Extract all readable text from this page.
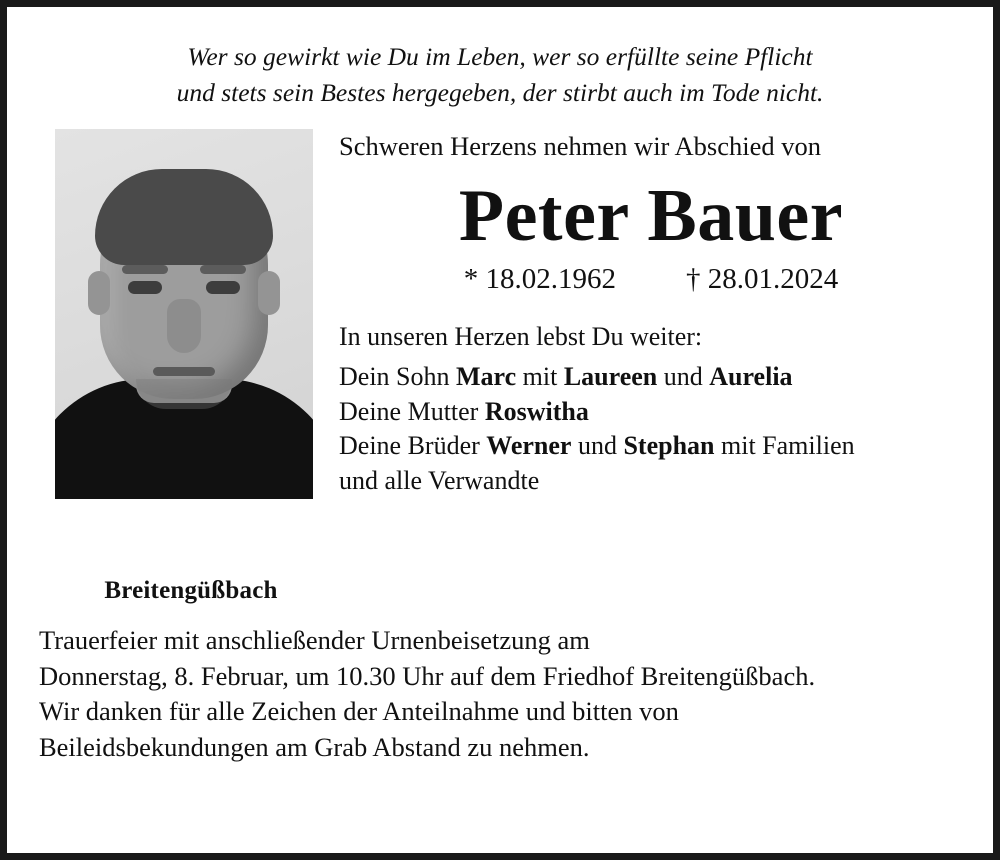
Wer so gewirkt wie Du im Leben, wer so erfüllte seine Pflicht
und stets sein Bestes hergegeben, der stirbt auch im Tode nicht.
Breitengüßbach

Schweren Herzens nehmen wir Abschied von

Peter Bauer
* 18.02.1962 † 28.01.2024

In unseren Herzen lebst Du weiter:

Dein Sohn Marc mit Laureen und Aurelia
Deine Mutter Roswitha
Deine Brüder Werner und Stephan mit Familien
und alle Verwandte
Trauerfeier mit anschließender Urnenbeisetzung am
Donnerstag, 8. Februar, um 10.30 Uhr auf dem Friedhof Breitengüßbach.
Wir danken für alle Zeichen der Anteilnahme und bitten von
Beileidsbekundungen am Grab Abstand zu nehmen.
